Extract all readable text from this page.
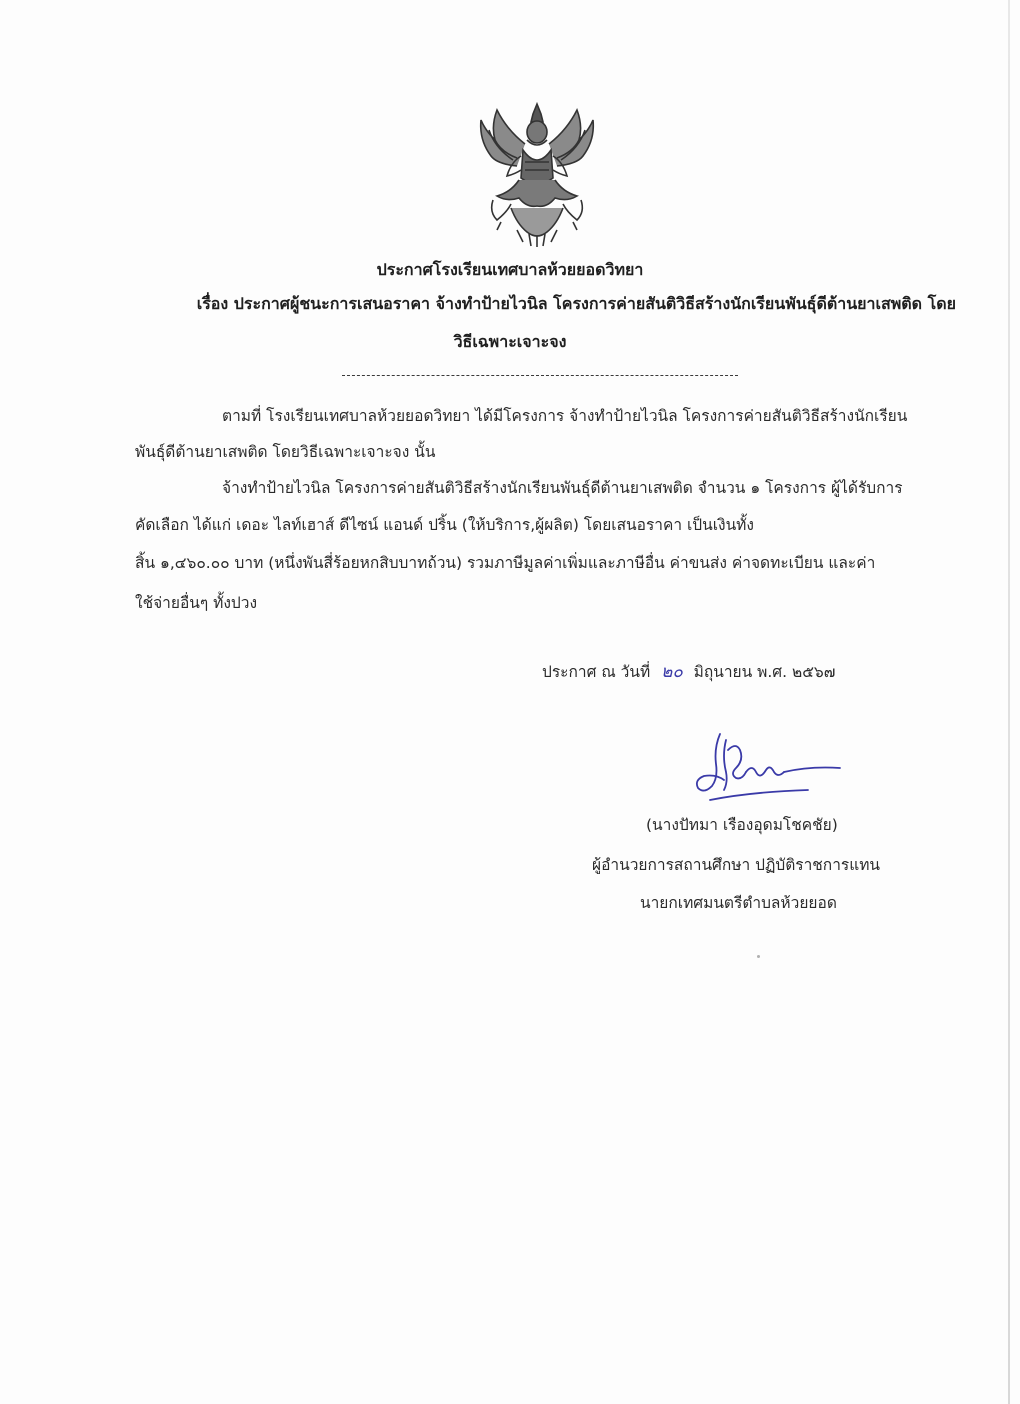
ประกาศโรงเรียนเทศบาลห้วยยอดวิทยา
เรื่อง ประกาศผู้ชนะการเสนอราคา จ้างทำป้ายไวนิล โครงการค่ายสันติวิธีสร้างนักเรียนพันธุ์ดีต้านยาเสพติด โดย
วิธีเฉพาะเจาะจง
ตามที่ โรงเรียนเทศบาลห้วยยอดวิทยา ได้มีโครงการ จ้างทำป้ายไวนิล โครงการค่ายสันติวิธีสร้างนักเรียน
พันธุ์ดีต้านยาเสพติด โดยวิธีเฉพาะเจาะจง นั้น
จ้างทำป้ายไวนิล โครงการค่ายสันติวิธีสร้างนักเรียนพันธุ์ดีต้านยาเสพติด จำนวน ๑ โครงการ ผู้ได้รับการ
คัดเลือก ได้แก่ เดอะ ไลท์เฮาส์ ดีไซน์ แอนด์ ปริ้น (ให้บริการ,ผู้ผลิต) โดยเสนอราคา เป็นเงินทั้ง
สิ้น ๑,๔๖๐.๐๐ บาท (หนึ่งพันสี่ร้อยหกสิบบาทถ้วน) รวมภาษีมูลค่าเพิ่มและภาษีอื่น ค่าขนส่ง ค่าจดทะเบียน และค่า
ใช้จ่ายอื่นๆ ทั้งปวง
ประกาศ ณ วันที่ ๒๐ มิถุนายน พ.ศ. ๒๕๖๗
(นางปัทมา เรืองอุดมโชคชัย)
ผู้อำนวยการสถานศึกษา ปฏิบัติราชการแทน
นายกเทศมนตรีตำบลห้วยยอด
